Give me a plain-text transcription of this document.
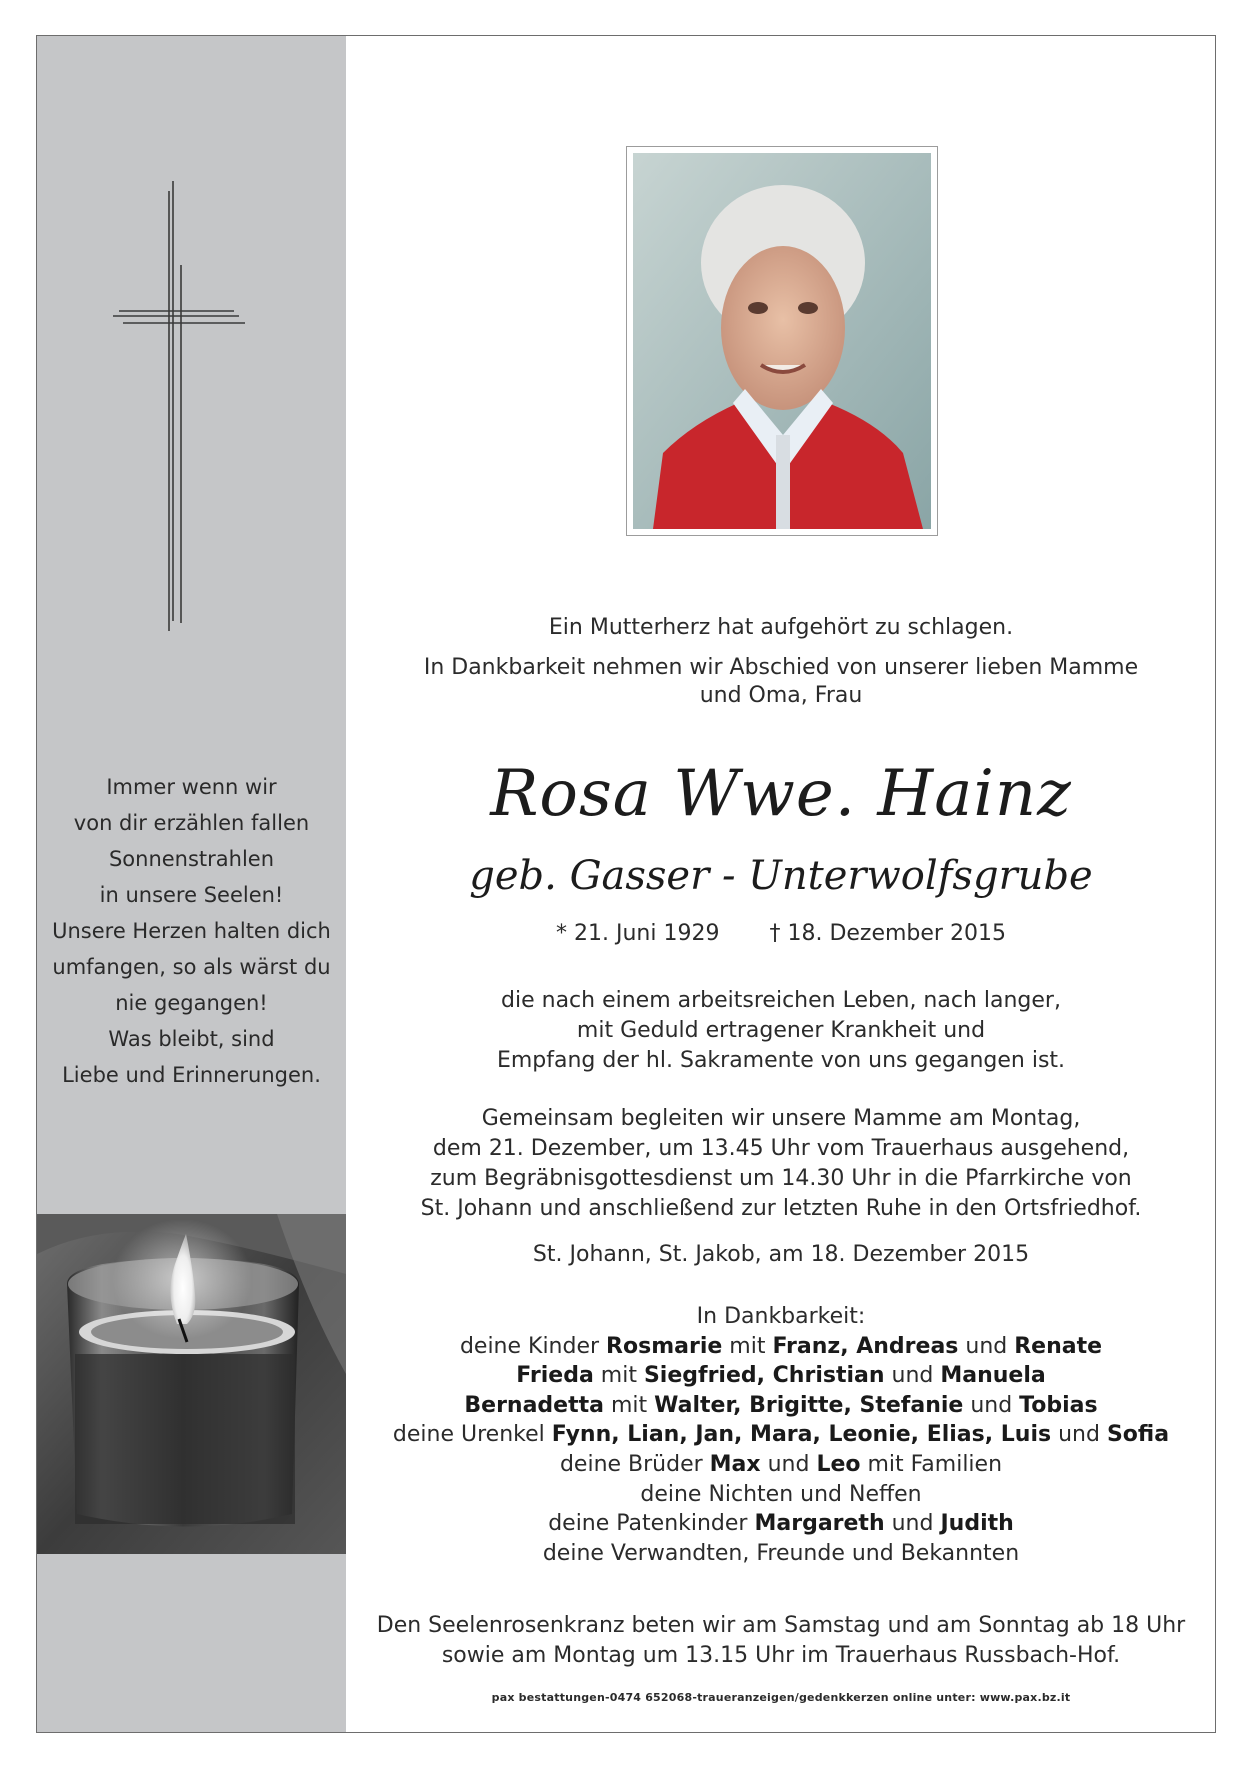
Immer wenn wir
von dir erzählen fallen
Sonnenstrahlen
in unsere Seelen!
Unsere Herzen halten dich
umfangen, so als wärst du
nie gegangen!
Was bleibt, sind
Liebe und Erinnerungen.
Ein Mutterherz hat aufgehört zu schlagen.
In Dankbarkeit nehmen wir Abschied von unserer lieben Mamme
und Oma, Frau
Rosa Wwe. Hainz
geb. Gasser - Unterwolfsgrube
* 21. Juni 1929 † 18. Dezember 2015
die nach einem arbeitsreichen Leben, nach langer,
mit Geduld ertragener Krankheit und
Empfang der hl. Sakramente von uns gegangen ist.
Gemeinsam begleiten wir unsere Mamme am Montag,
dem 21. Dezember, um 13.45 Uhr vom Trauerhaus ausgehend,
zum Begräbnisgottesdienst um 14.30 Uhr in die Pfarrkirche von
St. Johann und anschließend zur letzten Ruhe in den Ortsfriedhof.
St. Johann, St. Jakob, am 18. Dezember 2015
In Dankbarkeit:
deine Kinder Rosmarie mit Franz, Andreas und Renate
Frieda mit Siegfried, Christian und Manuela
Bernadetta mit Walter, Brigitte, Stefanie und Tobias
deine Urenkel Fynn, Lian, Jan, Mara, Leonie, Elias, Luis und Sofia
deine Brüder Max und Leo mit Familien
deine Nichten und Neffen
deine Patenkinder Margareth und Judith
deine Verwandten, Freunde und Bekannten
Den Seelenrosenkranz beten wir am Samstag und am Sonntag ab 18 Uhr
sowie am Montag um 13.15 Uhr im Trauerhaus Russbach-Hof.
pax bestattungen-0474 652068-traueranzeigen/gedenkkerzen online unter: www.pax.bz.it
